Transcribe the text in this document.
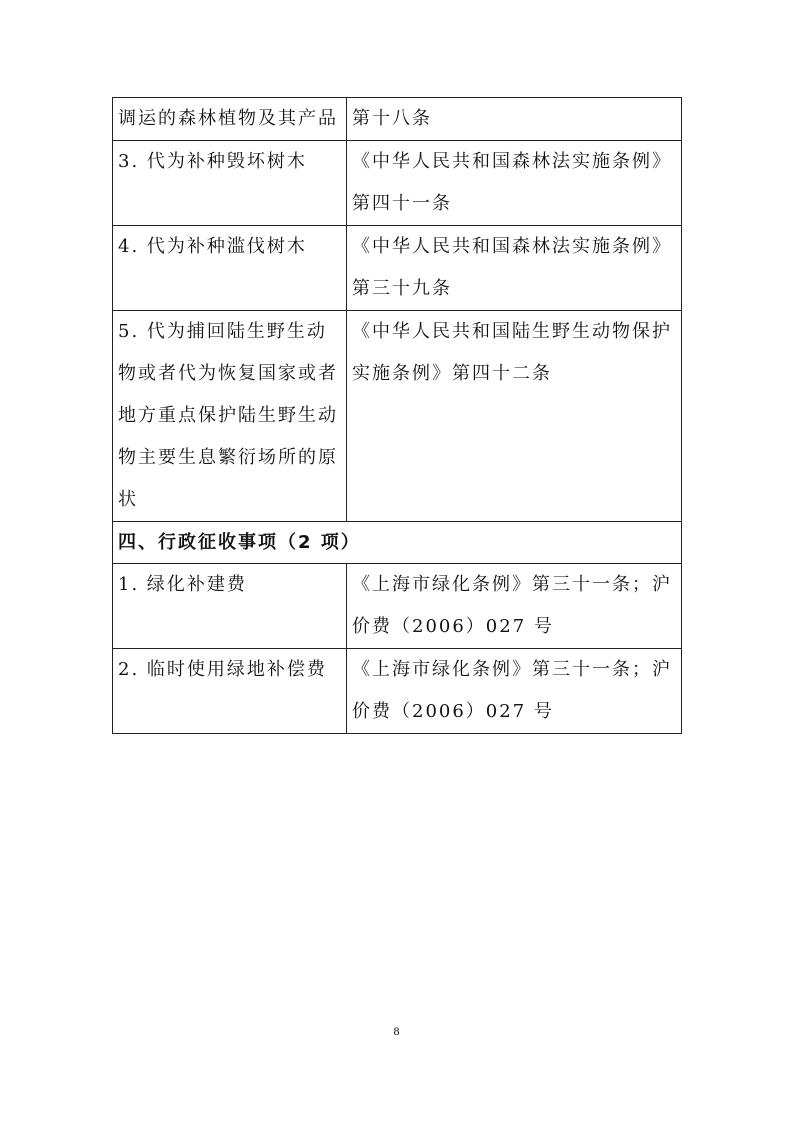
调运的森林植物及其产品	第十八条
3. 代为补种毁坏树木	《中华人民共和国森林法实施条例》第四十一条
4. 代为补种滥伐树木	《中华人民共和国森林法实施条例》第三十九条
5. 代为捕回陆生野生动物或者代为恢复国家或者地方重点保护陆生野生动物主要生息繁衍场所的原状	《中华人民共和国陆生野生动物保护实施条例》第四十二条
四、行政征收事项（2 项）	
1. 绿化补建费	《上海市绿化条例》第三十一条；沪价费（2006）027 号
2. 临时使用绿地补偿费	《上海市绿化条例》第三十一条；沪价费（2006）027 号
8
